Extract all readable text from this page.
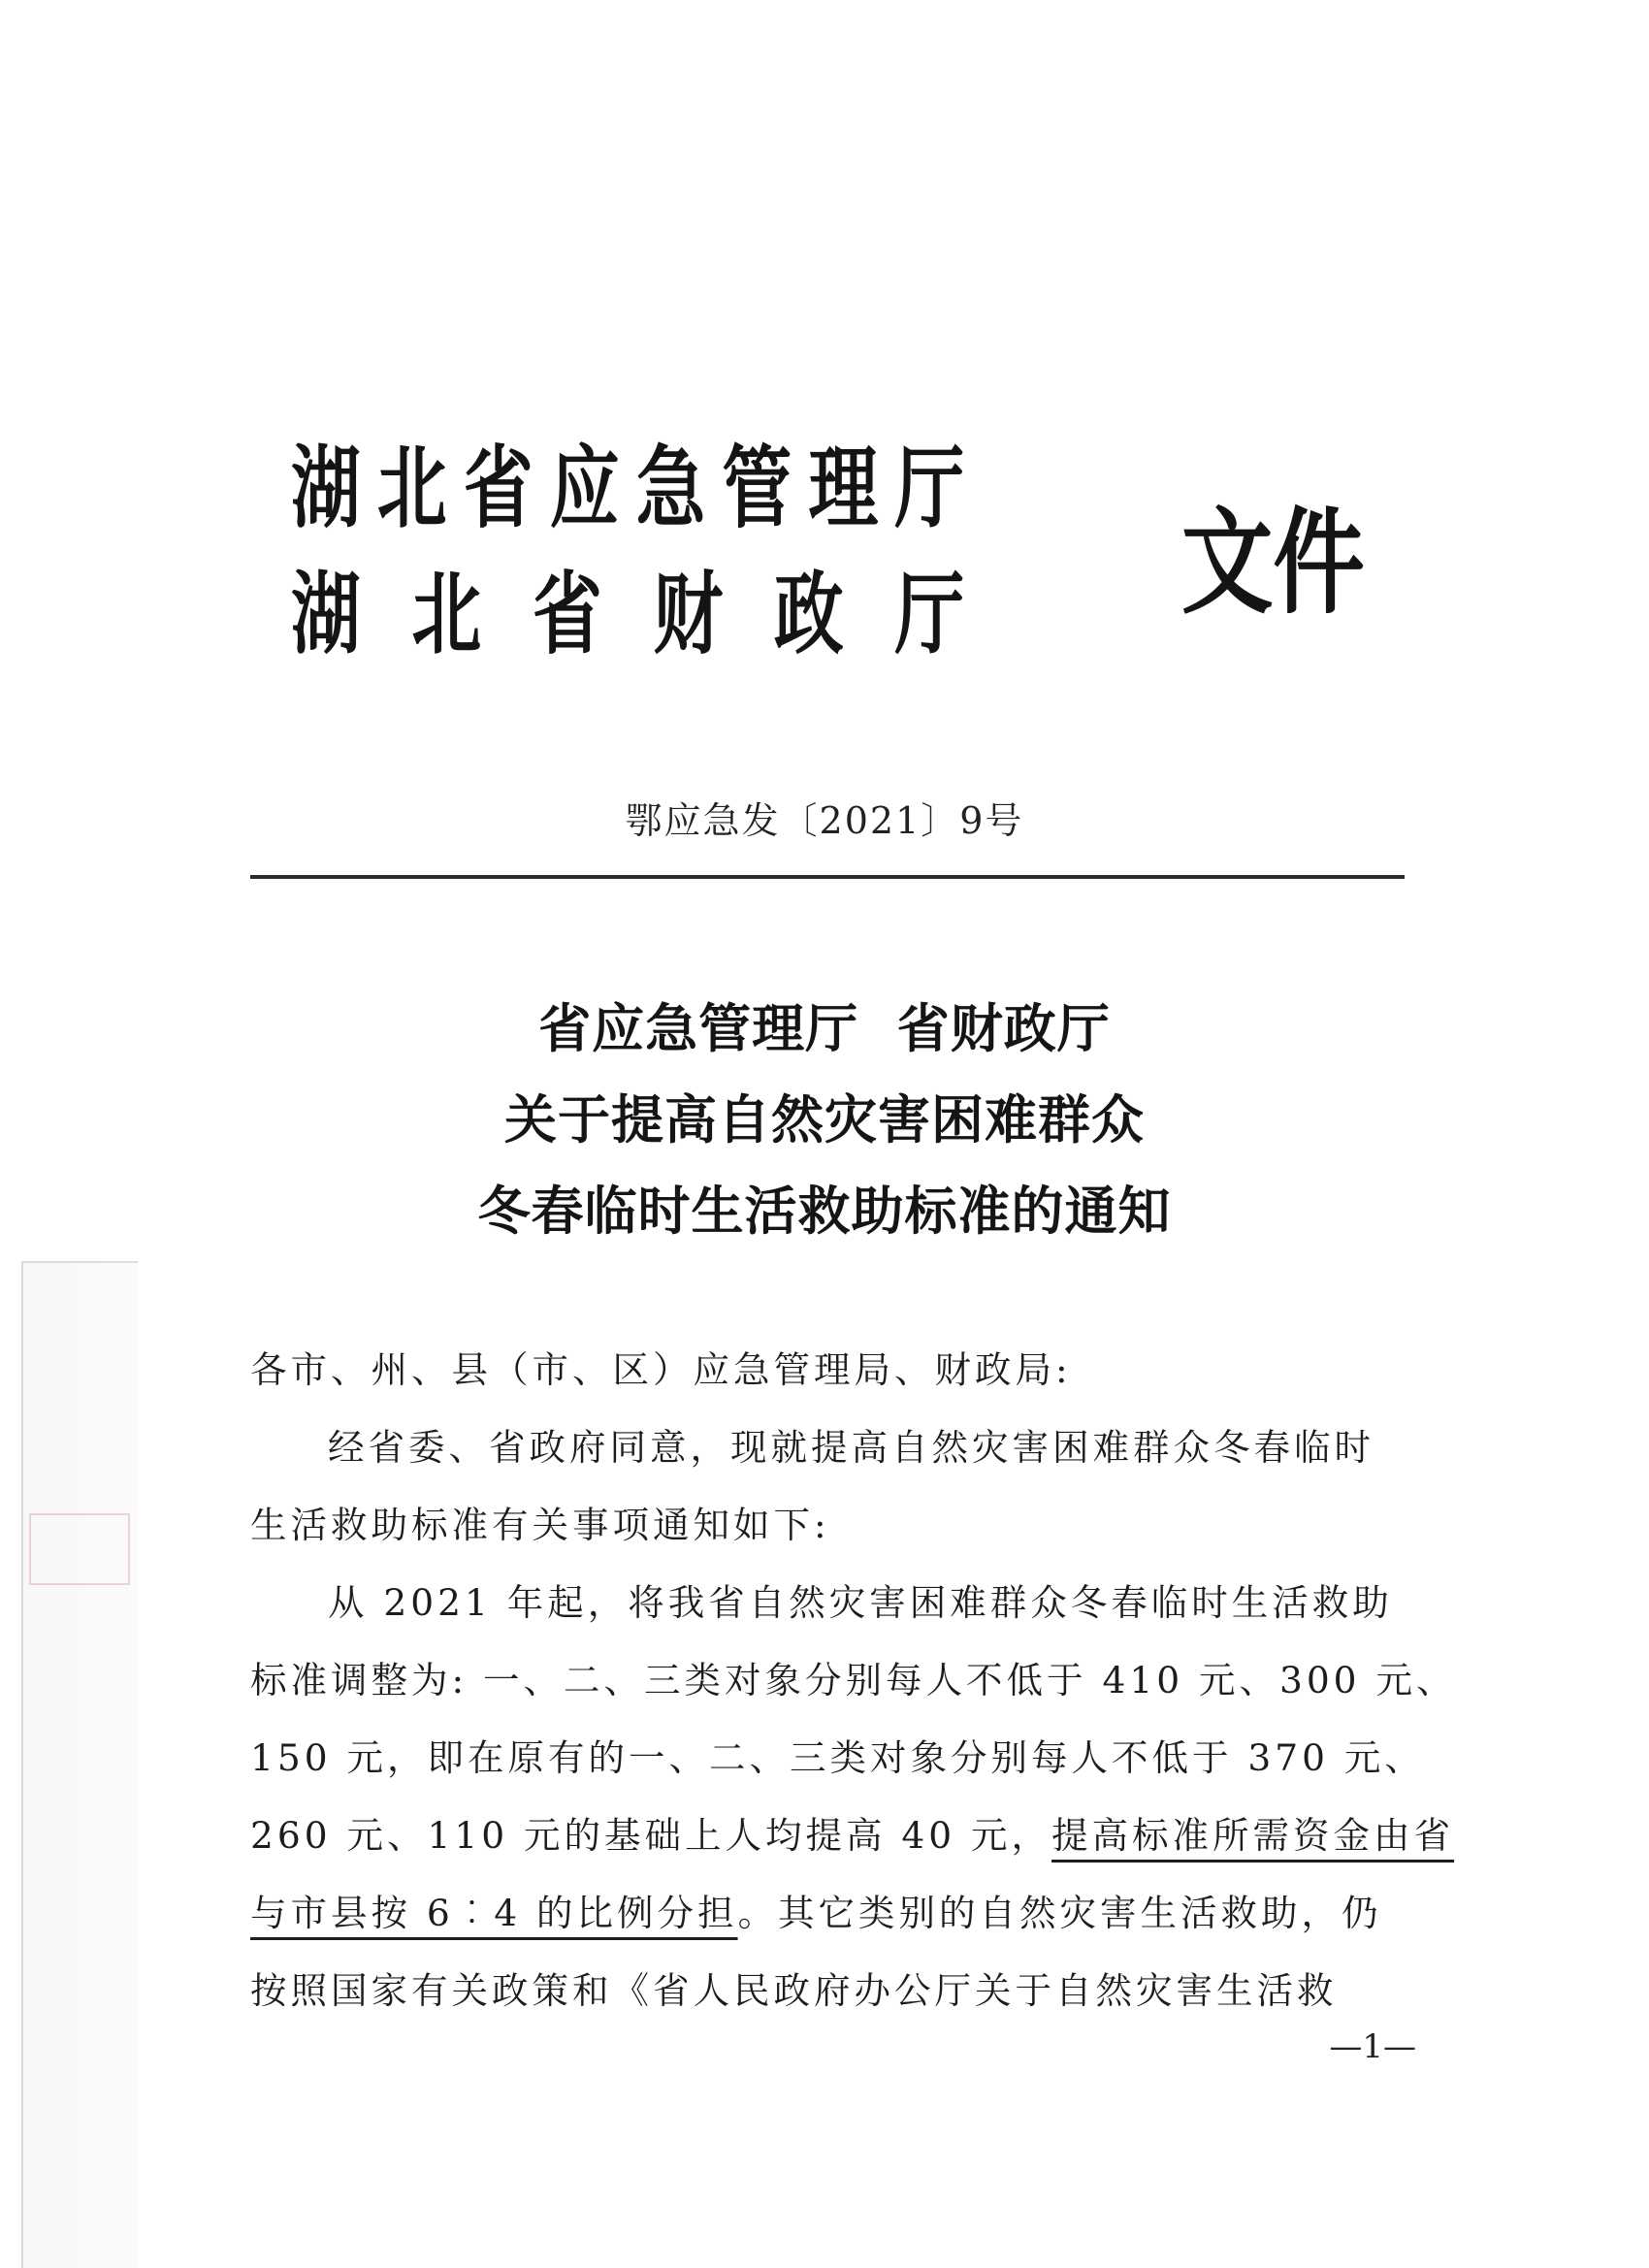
湖 北 省 应 急 管 理 厅
湖 北 省 财 政 厅 文件
鄂应急发〔2021〕9号
省应急管理厅  省财政厅
关于提高自然灾害困难群众
冬春临时生活救助标准的通知
各市、州、县（市、区）应急管理局、财政局:
经省委、省政府同意，现就提高自然灾害困难群众冬春临时生活救助标准有关事项通知如下:
从 2021 年起，将我省自然灾害困难群众冬春临时生活救助
标准调整为: 一、二、三类对象分别每人不低于 410 元、300 元、
150 元，即在原有的一、二、三类对象分别每人不低于 370 元、
260 元、110 元的基础上人均提高 40 元，提高标准所需资金由省
与市县按 6︰4 的比例分担。其它类别的自然灾害生活救助，仍
按照国家有关政策和《省人民政府办公厅关于自然灾害生活救
—1—
